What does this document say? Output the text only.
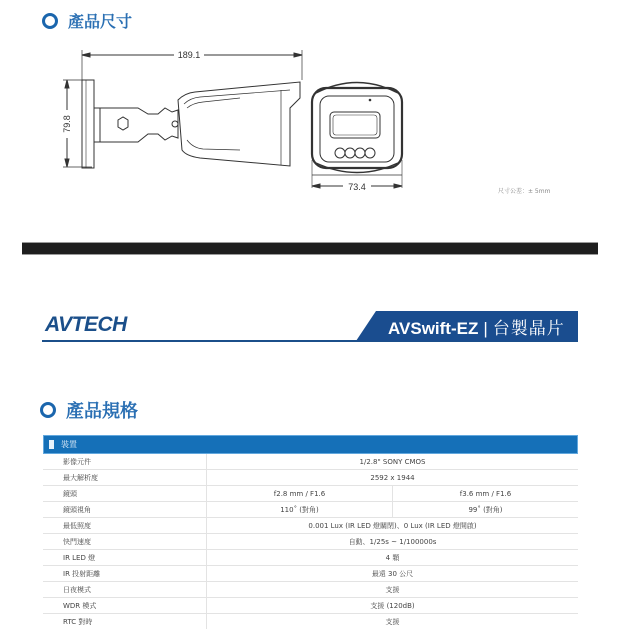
產品尺寸
189.1
79.8
73.4	尺寸公差：± 5mm
AVTECH	AVSwift-EZ | 台製晶片
產品規格
裝置
影像元件	1/2.8" SONY CMOS
最大解析度	2592 x 1944
鏡頭	f2.8 mm / F1.6	f3.6 mm / F1.6
鏡頭視角	110˚ (對角)	99˚ (對角)
最低照度	0.001 Lux (IR LED 燈關閉)、0 Lux (IR LED 燈開啟)
快門速度	自動、1/25s ~ 1/100000s
IR LED 燈	4 顆
IR 投射距離	最遠 30 公尺
日夜模式	支援
WDR 模式	支援 (120dB)
RTC 對時	支援
